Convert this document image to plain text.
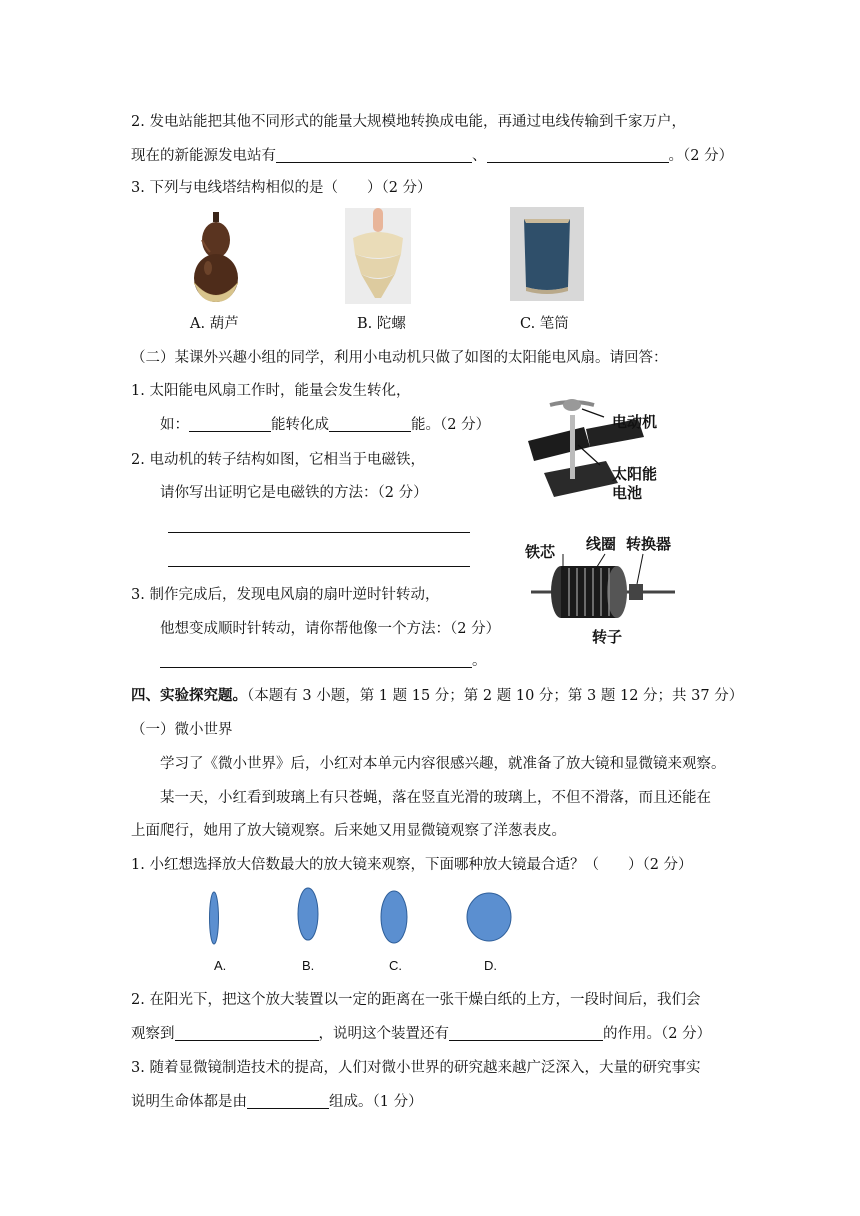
2. 发电站能把其他不同形式的能量大规模地转换成电能，再通过电线传输到千家万户，
现在的新能源发电站有	、	。（2 分）
3. 下列与电线塔结构相似的是（　　）（2 分）
A. 葫芦	B. 陀螺	C. 笔筒
（二）某课外兴趣小组的同学，利用小电动机只做了如图的太阳能电风扇。请回答：
1. 太阳能电风扇工作时，能量会发生转化，
如：	能转化成	能。（2 分）
2. 电动机的转子结构如图，它相当于电磁铁，
请你写出证明它是电磁铁的方法：（2 分）
3. 制作完成后，发现电风扇的扇叶逆时针转动，
他想变成顺时针转动，请你帮他像一个方法：（2 分）
。
电动机
太阳能
电池
铁芯 线圈 转换器
转子
四、实验探究题。（本题有 3 小题，第 1 题 15 分；第 2 题 10 分；第 3 题 12 分；共 37 分）
（一）微小世界
学习了《微小世界》后，小红对本单元内容很感兴趣，就准备了放大镜和显微镜来观察。
某一天，小红看到玻璃上有只苍蝇，落在竖直光滑的玻璃上，不但不滑落，而且还能在
上面爬行，她用了放大镜观察。后来她又用显微镜观察了洋葱表皮。
1. 小红想选择放大倍数最大的放大镜来观察，下面哪种放大镜最合适？（　　）（2 分）
A.	B.	C.	D.
2. 在阳光下，把这个放大装置以一定的距离在一张干燥白纸的上方，一段时间后，我们会
观察到	，说明这个装置还有	的作用。（2 分）
3. 随着显微镜制造技术的提高，人们对微小世界的研究越来越广泛深入，大量的研究事实
说明生命体都是由	组成。（1 分）
